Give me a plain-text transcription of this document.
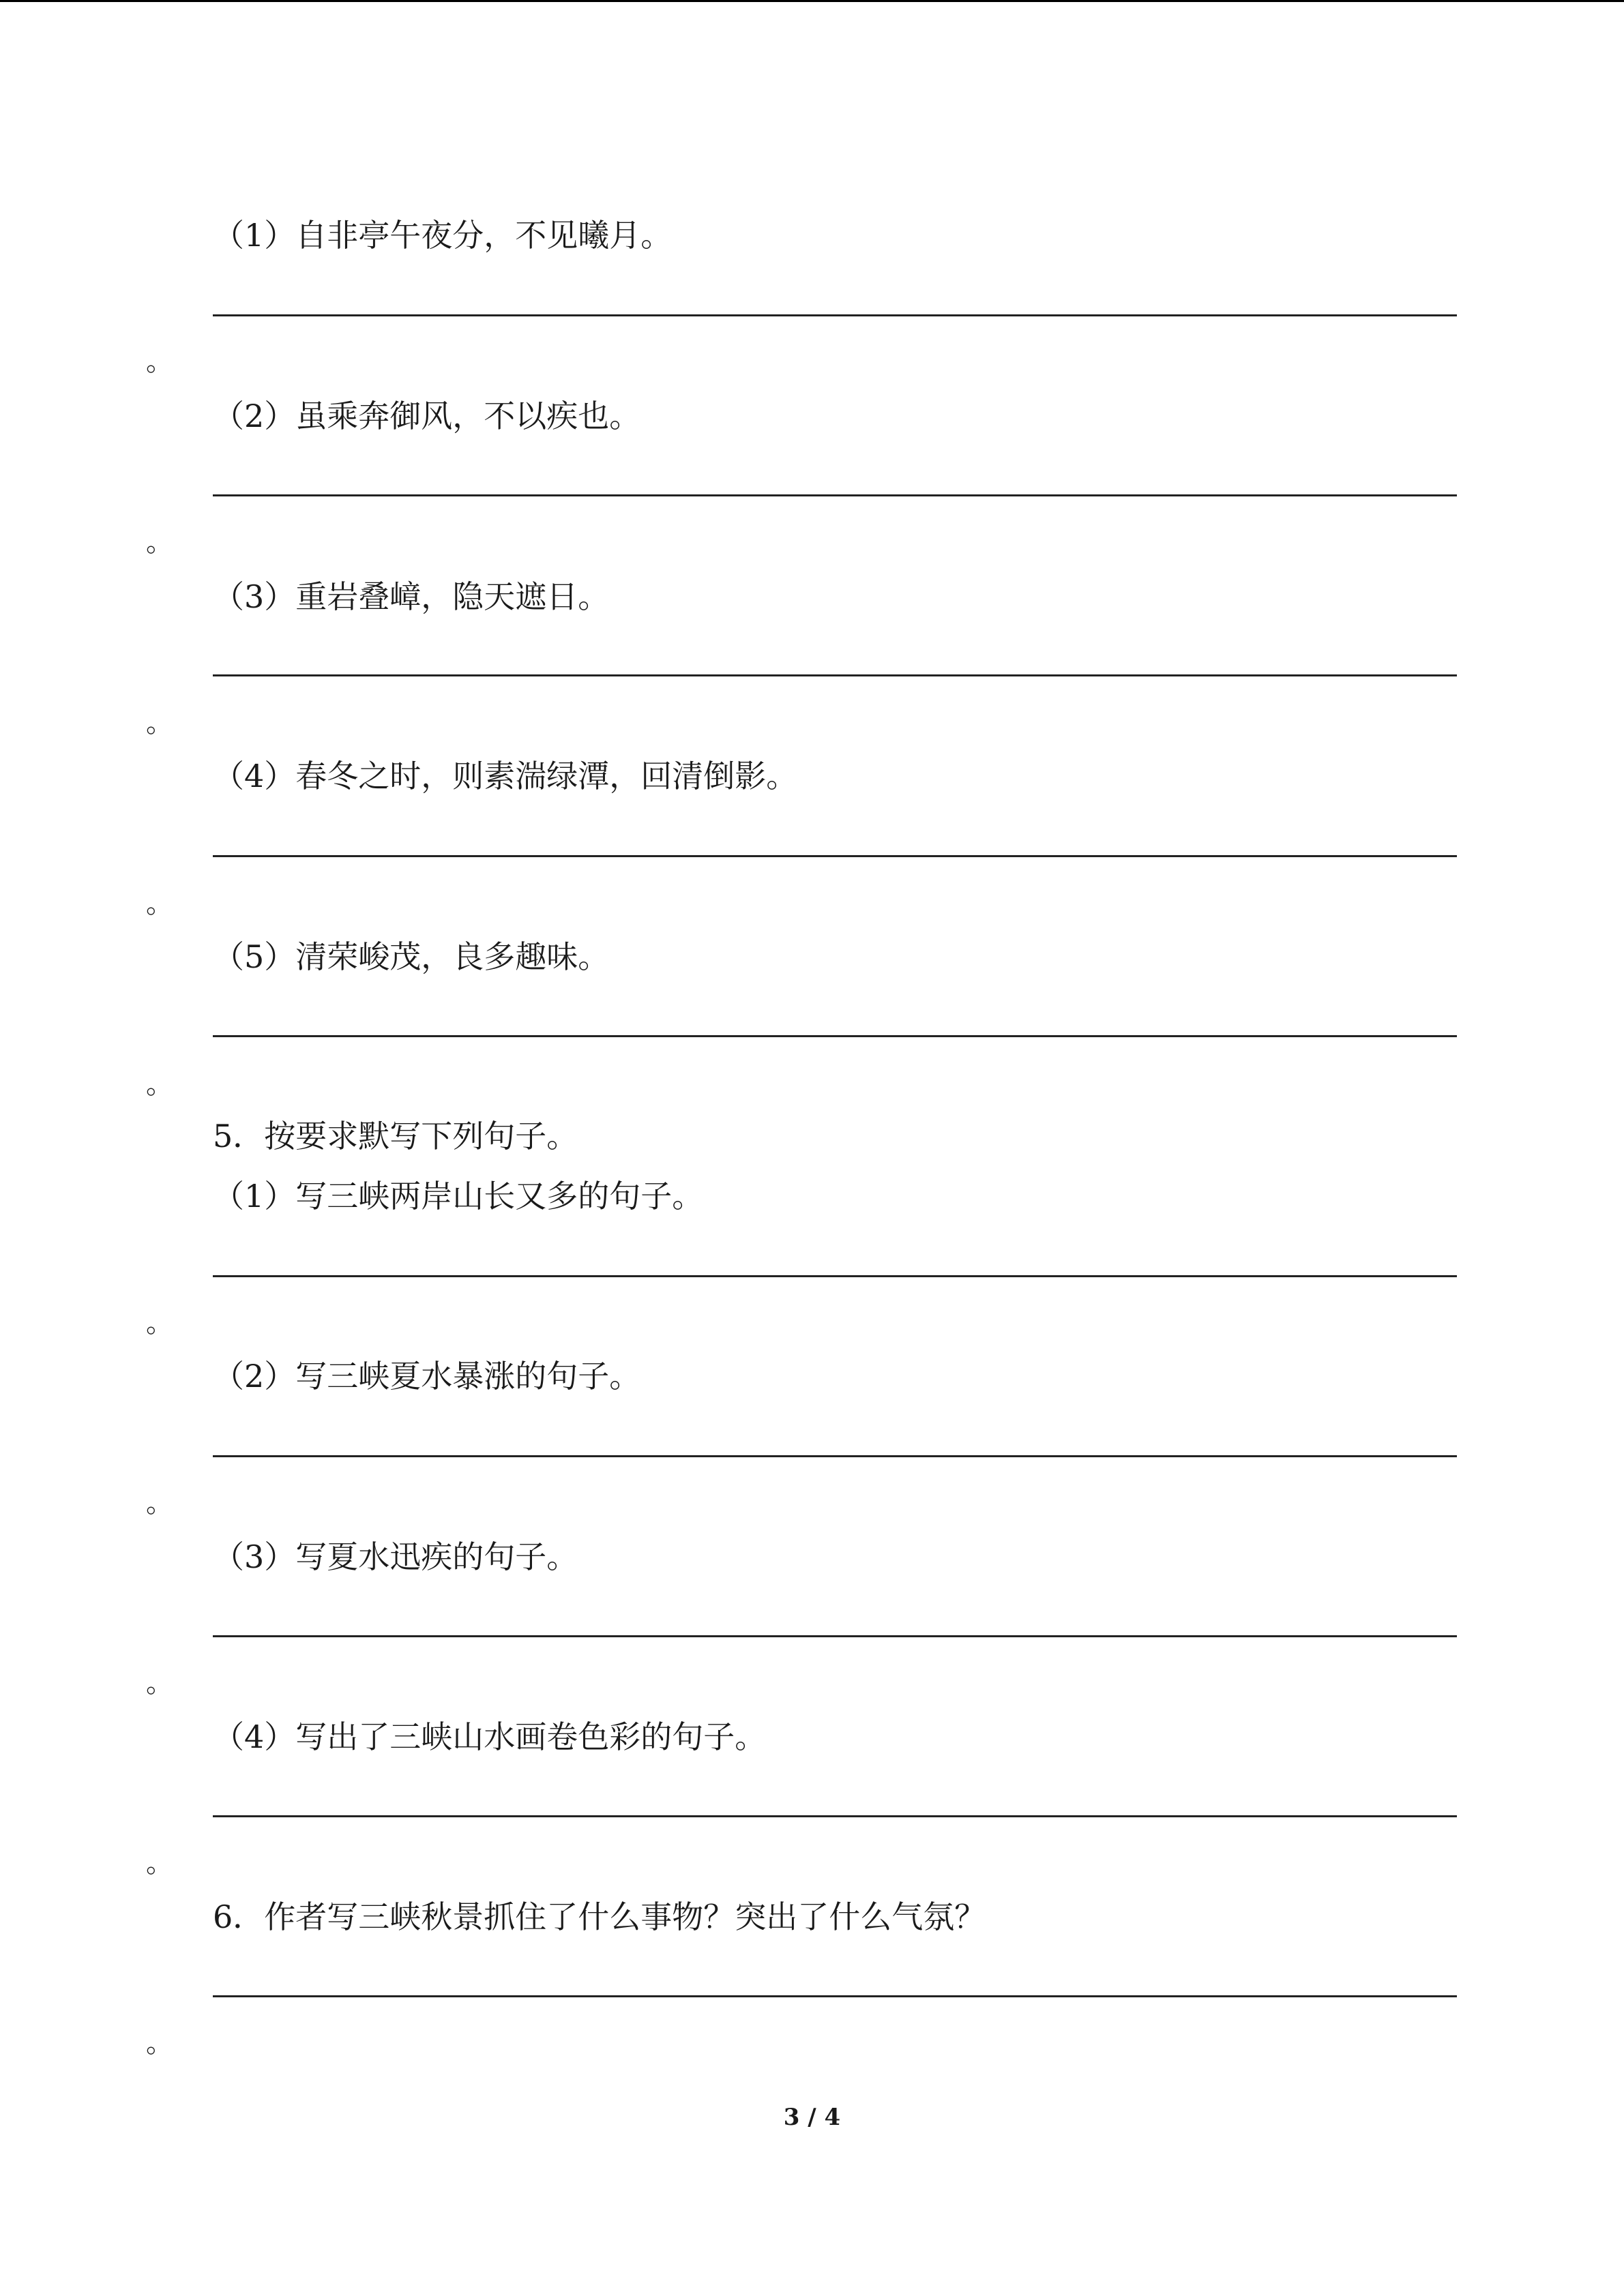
（1）自非亭午夜分，不见曦月。
。
（2）虽乘奔御风，不以疾也。
。
（3）重岩叠嶂，隐天遮日。
。
（4）春冬之时，则素湍绿潭，回清倒影。
。
（5）清荣峻茂，良多趣味。
。
5．按要求默写下列句子。
（1）写三峡两岸山长又多的句子。
。
（2）写三峡夏水暴涨的句子。
。
（3）写夏水迅疾的句子。
。
（4）写出了三峡山水画卷色彩的句子。
。
6．作者写三峡秋景抓住了什么事物？突出了什么气氛？
。
3 / 4
